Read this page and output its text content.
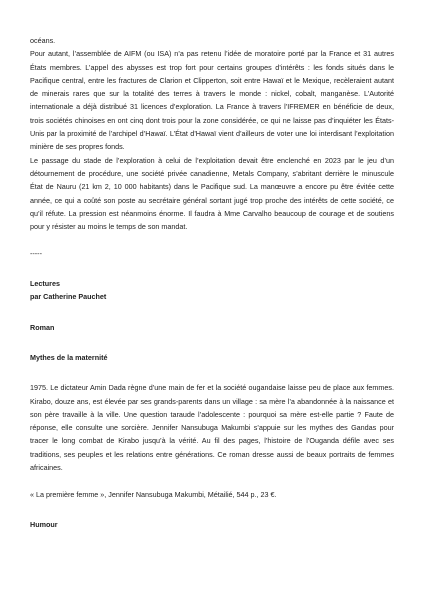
océans.

Pour autant, l’assemblée de AIFM (ou ISA) n’a pas retenu l’idée de moratoire porté par la France et 31 autres États membres. L’appel des abysses est trop fort pour certains groupes d’intérêts : les fonds situés dans le Pacifique central, entre les fractures de Clarion et Clipperton, soit entre Hawaï et le Mexique, recèleraient autant de minerais rares que sur la totalité des terres à travers le monde : nickel, cobalt, manganèse. L’Autorité internationale a déjà distribué 31 licences d’exploration. La France à travers l’IFREMER en bénéficie de deux, trois sociétés chinoises en ont cinq dont trois pour la zone considérée, ce qui ne laisse pas d’inquiéter les États-Unis par la proximité de l’archipel d’Hawaï. L’État d’Hawaï vient d’ailleurs de voter une loi interdisant l’exploitation minière de ses propres fonds.

Le passage du stade de l’exploration à celui de l’exploitation devait être enclenché en 2023 par le jeu d’un détournement de procédure, une société privée canadienne, Metals Company, s’abritant derrière le minuscule État de Nauru (21 km 2, 10 000 habitants) dans le Pacifique sud. La manœuvre a encore pu être évitée cette année, ce qui a coûté son poste au secrétaire général sortant jugé trop proche des intérêts de cette société, ce qu’il réfute. La pression est néanmoins énorme. Il faudra à Mme Carvalho beaucoup de courage et de soutiens pour y résister au moins le temps de son mandat.

-----

Lectures

par Catherine Pauchet

Roman

Mythes de la maternité

1975. Le dictateur Amin Dada règne d’une main de fer et la société ougandaise laisse peu de place aux femmes. Kirabo, douze ans, est élevée par ses grands-parents dans un village : sa mère l’a abandonnée à la naissance et son père travaille à la ville. Une question taraude l’adolescente : pourquoi sa mère est-elle partie ? Faute de réponse, elle consulte une sorcière. Jennifer Nansubuga Makumbi s’appuie sur les mythes des Gandas pour tracer le long combat de Kirabo jusqu’à la vérité. Au fil des pages, l’histoire de l’Ouganda défile avec ses traditions, ses peuples et les relations entre générations. Ce roman dresse aussi de beaux portraits de femmes africaines.

« La première femme », Jennifer Nansubuga Makumbi, Métailié, 544 p., 23 €.

Humour
